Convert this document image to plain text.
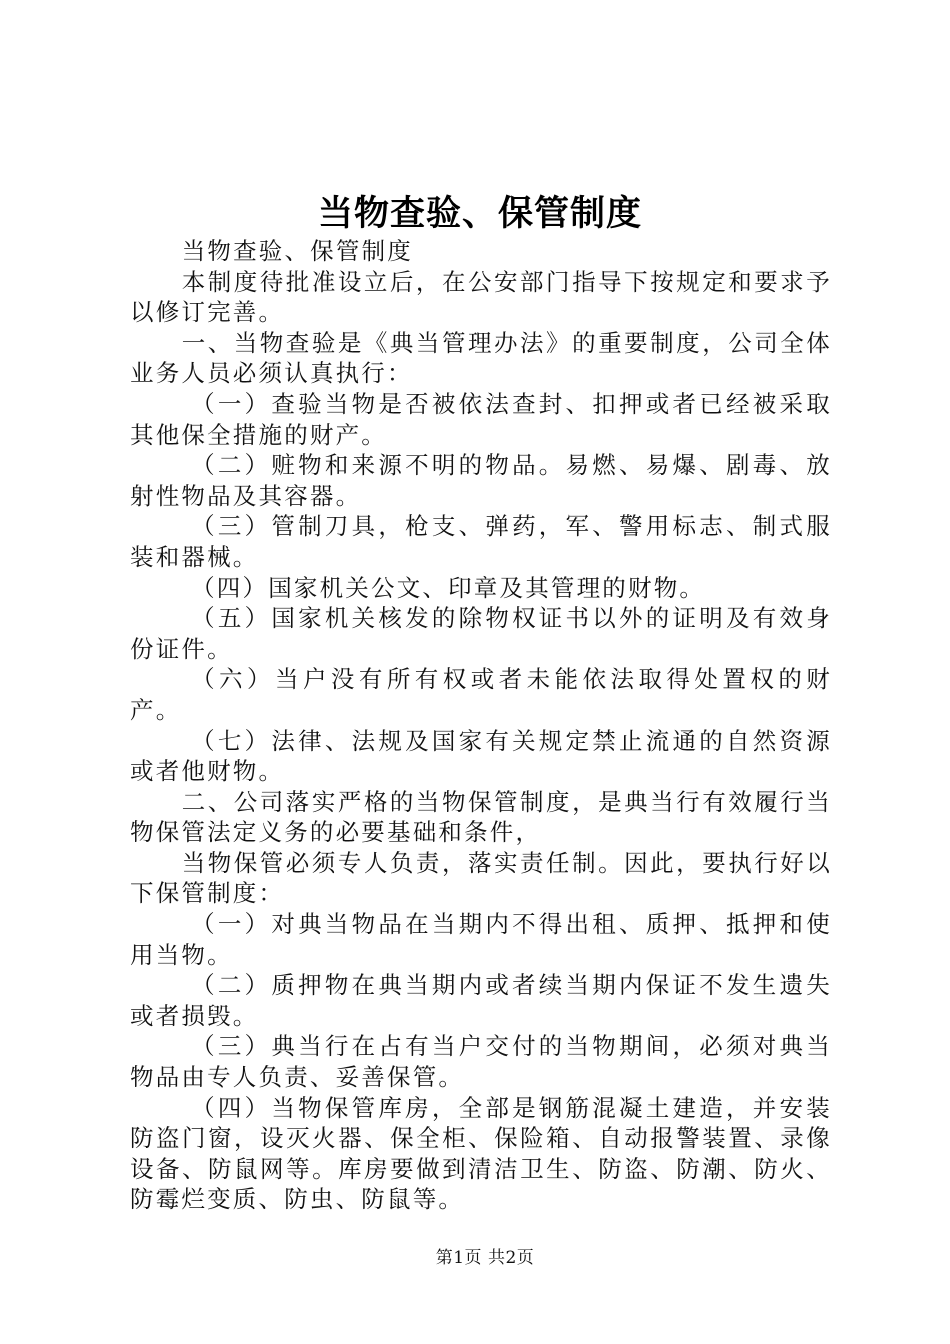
当物查验、保管制度

当物查验、保管制度

本制度待批准设立后，在公安部门指导下按规定和要求予以修订完善。

一、当物查验是《典当管理办法》的重要制度，公司全体业务人员必须认真执行：

（一）查验当物是否被依法查封、扣押或者已经被采取其他保全措施的财产。

（二）赃物和来源不明的物品。易燃、易爆、剧毒、放射性物品及其容器。

（三）管制刀具，枪支、弹药，军、警用标志、制式服装和器械。

（四）国家机关公文、印章及其管理的财物。

（五）国家机关核发的除物权证书以外的证明及有效身份证件。

（六）当户没有所有权或者未能依法取得处置权的财产。

（七）法律、法规及国家有关规定禁止流通的自然资源或者他财物。

二、公司落实严格的当物保管制度，是典当行有效履行当物保管法定义务的必要基础和条件，

当物保管必须专人负责，落实责任制。因此，要执行好以下保管制度：

（一）对典当物品在当期内不得出租、质押、抵押和使用当物。

（二）质押物在典当期内或者续当期内保证不发生遗失或者损毁。

（三）典当行在占有当户交付的当物期间，必须对典当物品由专人负责、妥善保管。

（四）当物保管库房，全部是钢筋混凝土建造，并安装防盗门窗，设灭火器、保全柜、保险箱、自动报警装置、录像设备、防鼠网等。库房要做到清洁卫生、防盗、防潮、防火、防霉烂变质、防虫、防鼠等。

第1页 共2页
